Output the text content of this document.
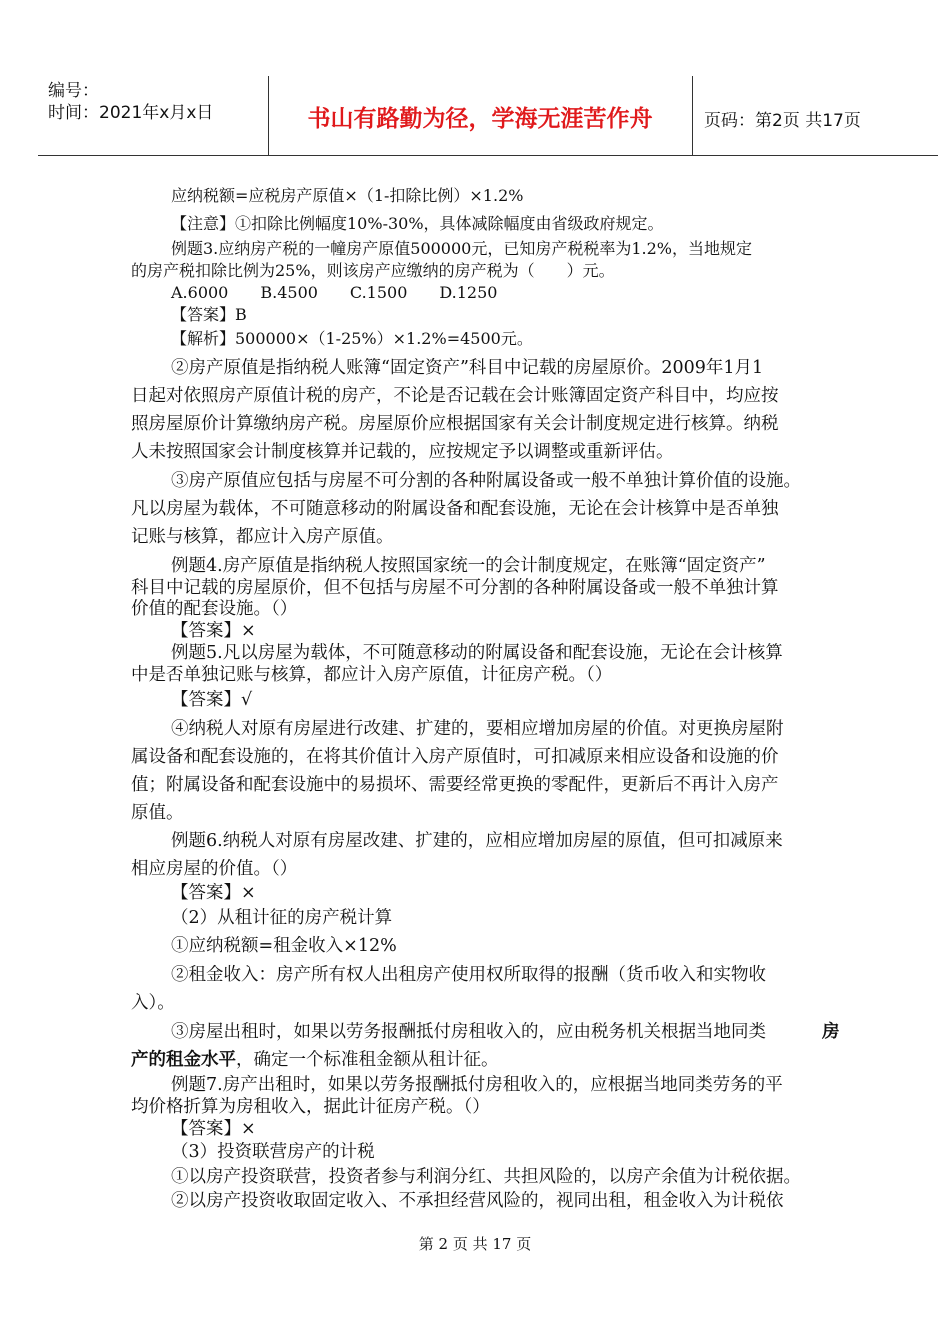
编号：
时间：2021年x月x日	书山有路勤为径，学海无涯苦作舟	页码：第2页 共17页
应纳税额=应税房产原值×（1-扣除比例）×1.2%
【注意】①扣除比例幅度10%-30%，具体减除幅度由省级政府规定。
例题3.应纳房产税的一幢房产原值500000元，已知房产税税率为1.2%，当地规定
的房产税扣除比例为25%，则该房产应缴纳的房产税为（　　）元。
A.6000　　B.4500　　C.1500　　D.1250
【答案】B
【解析】500000×（1-25%）×1.2%=4500元。
②房产原值是指纳税人账簿“固定资产”科目中记载的房屋原价。2009年1月1
日起对依照房产原值计税的房产，不论是否记载在会计账簿固定资产科目中，均应按
照房屋原价计算缴纳房产税。房屋原价应根据国家有关会计制度规定进行核算。纳税
人未按照国家会计制度核算并记载的，应按规定予以调整或重新评估。
③房产原值应包括与房屋不可分割的各种附属设备或一般不单独计算价值的设施。
凡以房屋为载体，不可随意移动的附属设备和配套设施，无论在会计核算中是否单独
记账与核算，都应计入房产原值。
例题4.房产原值是指纳税人按照国家统一的会计制度规定，在账簿“固定资产”
科目中记载的房屋原价，但不包括与房屋不可分割的各种附属设备或一般不单独计算
价值的配套设施。（）
【答案】×
例题5.凡以房屋为载体，不可随意移动的附属设备和配套设施，无论在会计核算
中是否单独记账与核算，都应计入房产原值，计征房产税。（）
【答案】√
④纳税人对原有房屋进行改建、扩建的，要相应增加房屋的价值。对更换房屋附
属设备和配套设施的，在将其价值计入房产原值时，可扣减原来相应设备和设施的价
值；附属设备和配套设施中的易损坏、需要经常更换的零配件，更新后不再计入房产
原值。
例题6.纳税人对原有房屋改建、扩建的，应相应增加房屋的原值，但可扣减原来
相应房屋的价值。（）
【答案】×
（2）从租计征的房产税计算
①应纳税额=租金收入×12%
②租金收入：房产所有权人出租房产使用权所取得的报酬（货币收入和实物收
入）。
③房屋出租时，如果以劳务报酬抵付房租收入的，应由税务机关根据当地同类	房
产的租金水平，确定一个标准租金额从租计征。
例题7.房产出租时，如果以劳务报酬抵付房租收入的，应根据当地同类劳务的平
均价格折算为房租收入，据此计征房产税。（）
【答案】×
（3）投资联营房产的计税
①以房产投资联营，投资者参与利润分红、共担风险的，以房产余值为计税依据。
②以房产投资收取固定收入、不承担经营风险的，视同出租，租金收入为计税依
第 2 页 共 17 页
